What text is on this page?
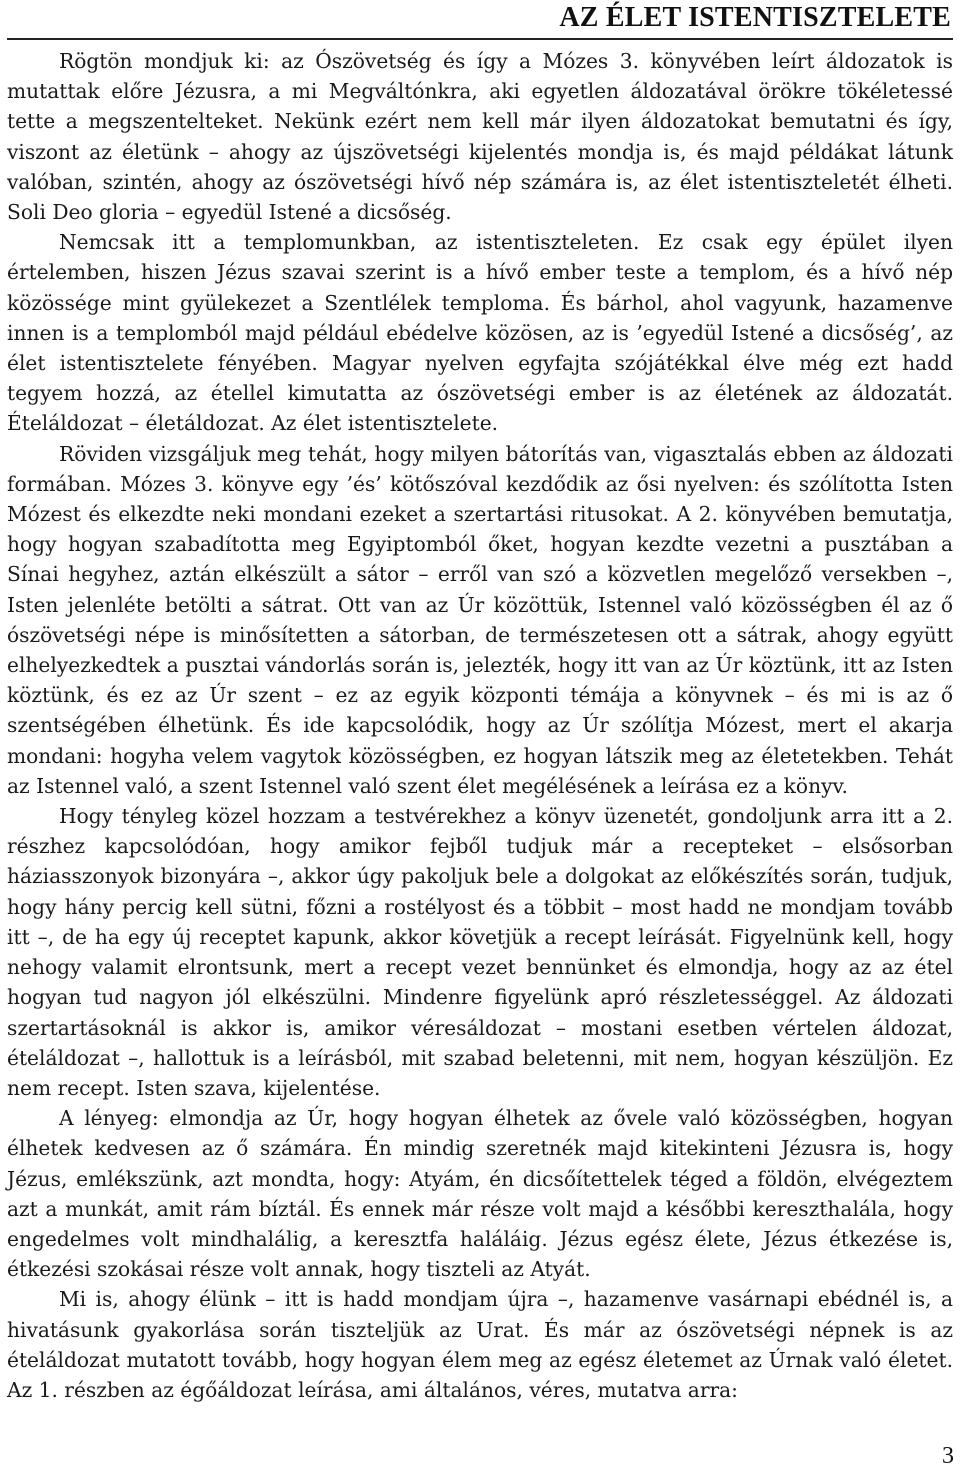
AZ ÉLET ISTENTISZTELETE

Rögtön mondjuk ki: az Ószövetség és így a Mózes 3. könyvében leírt áldozatok is mutattak előre Jézusra, a mi Megváltónkra, aki egyetlen áldozatával örökre tökéletessé tette a megszentelteket. Nekünk ezért nem kell már ilyen áldozatokat bemutatni és így, viszont az életünk – ahogy az újszövetségi kijelentés mondja is, és majd példákat látunk valóban, szintén, ahogy az ószövetségi hívő nép számára is, az élet istentiszteletét élheti. Soli Deo gloria – egyedül Istené a dicsőség.

Nemcsak itt a templomunkban, az istentiszteleten. Ez csak egy épület ilyen értelemben, hiszen Jézus szavai szerint is a hívő ember teste a templom, és a hívő nép közössége mint gyülekezet a Szentlélek temploma. És bárhol, ahol vagyunk, hazamenve innen is a templomból majd például ebédelve közösen, az is ’egyedül Istené a dicsőség’, az élet istentisztelete fényében. Magyar nyelven egyfajta szójátékkal élve még ezt hadd tegyem hozzá, az étellel kimutatta az ószövetségi ember is az életének az áldozatát. Ételáldozat – életáldozat. Az élet istentisztelete.

Röviden vizsgáljuk meg tehát, hogy milyen bátorítás van, vigasztalás ebben az áldozati formában. Mózes 3. könyve egy ’és’ kötőszóval kezdődik az ősi nyelven: és szólította Isten Mózest és elkezdte neki mondani ezeket a szertartási ritusokat. A 2. könyvében bemutatja, hogy hogyan szabadította meg Egyiptomból őket, hogyan kezdte vezetni a pusztában a Sínai hegyhez, aztán elkészült a sátor – erről van szó a közvetlen megelőző versekben –, Isten jelenléte betölti a sátrat. Ott van az Úr közöttük, Istennel való közösségben él az ő ószövetségi népe is minősítetten a sátorban, de természetesen ott a sátrak, ahogy együtt elhelyezkedtek a pusztai vándorlás során is, jelezték, hogy itt van az Úr köztünk, itt az Isten köztünk, és ez az Úr szent – ez az egyik központi témája a könyvnek – és mi is az ő szentségében élhetünk. És ide kapcsolódik, hogy az Úr szólítja Mózest, mert el akarja mondani: hogyha velem vagytok közösségben, ez hogyan látszik meg az életetekben. Tehát az Istennel való, a szent Istennel való szent élet megélésének a leírása ez a könyv.

Hogy tényleg közel hozzam a testvérekhez a könyv üzenetét, gondoljunk arra itt a 2. részhez kapcsolódóan, hogy amikor fejből tudjuk már a recepteket – elsősorban háziasszonyok bizonyára –, akkor úgy pakoljuk bele a dolgokat az előkészítés során, tudjuk, hogy hány percig kell sütni, főzni a rostélyost és a többit – most hadd ne mondjam tovább itt –, de ha egy új receptet kapunk, akkor követjük a recept leírását. Figyelnünk kell, hogy nehogy valamit elrontsunk, mert a recept vezet bennünket és elmondja, hogy az az étel hogyan tud nagyon jól elkészülni. Mindenre figyelünk apró részletességgel. Az áldozati szertartásoknál is akkor is, amikor véresáldozat – mostani esetben vértelen áldozat, ételáldozat –, hallottuk is a leírásból, mit szabad beletenni, mit nem, hogyan készüljön. Ez nem recept. Isten szava, kijelentése.

A lényeg: elmondja az Úr, hogy hogyan élhetek az ővele való közösségben, hogyan élhetek kedvesen az ő számára. Én mindig szeretnék majd kitekinteni Jézusra is, hogy Jézus, emlékszünk, azt mondta, hogy: Atyám, én dicsőítettelek téged a földön, elvégeztem azt a munkát, amit rám bíztál. És ennek már része volt majd a későbbi kereszthalála, hogy engedelmes volt mindhalálig, a keresztfa haláláig. Jézus egész élete, Jézus étkezése is, étkezési szokásai része volt annak, hogy tiszteli az Atyát.

Mi is, ahogy élünk – itt is hadd mondjam újra –, hazamenve vasárnapi ebédnél is, a hivatásunk gyakorlása során tiszteljük az Urat. És már az ószövetségi népnek is az ételáldozat mutatott tovább, hogy hogyan élem meg az egész életemet az Úrnak való életet. Az 1. részben az égőáldozat leírása, ami általános, véres, mutatva arra:

3
